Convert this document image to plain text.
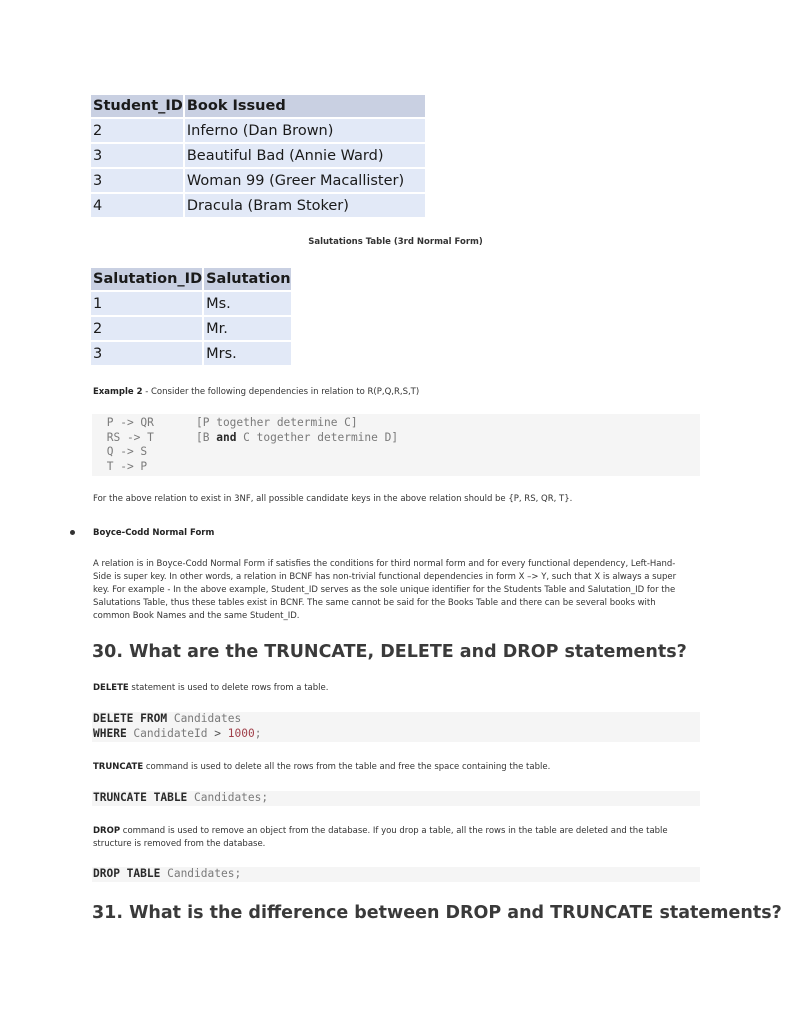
Student_ID	Book Issued
2	Inferno (Dan Brown)
3	Beautiful Bad (Annie Ward)
3	Woman 99 (Greer Macallister)
4	Dracula (Bram Stoker)
Salutations Table (3rd Normal Form)
Salutation_ID	Salutation
1	Ms.
2	Mr.
3	Mrs.
Example 2 - Consider the following dependencies in relation to R(P,Q,R,S,T)

P -> QR

	[P together determine C]

RS -> T

	[B and C together determine D]

Q -> S

T -> P

For the above relation to exist in 3NF, all possible candidate keys in the above relation should be {P, RS, QR, T}.
Boyce-Codd Normal Form
A relation is in Boyce-Codd Normal Form if satisfies the conditions for third normal form and for every functional dependency, Left-Hand-Side is super key. In other words, a relation in BCNF has non-trivial functional dependencies in form X –> Y, such that X is always a super key. For example - In the above example, Student_ID serves as the sole unique identifier for the Students Table and Salutation_ID for the Salutations Table, thus these tables exist in BCNF. The same cannot be said for the Books Table and there can be several books with common Book Names and the same Student_ID.
30. What are the TRUNCATE, DELETE and DROP statements?
DELETE statement is used to delete rows from a table.

DELETE FROM Candidates

WHERE CandidateId > 1000;

TRUNCATE command is used to delete all the rows from the table and free the space containing the table.

TRUNCATE TABLE Candidates;

DROP command is used to remove an object from the database. If you drop a table, all the rows in the table are deleted and the table structure is removed from the database.

DROP TABLE Candidates;

31. What is the difference between DROP and TRUNCATE statements?
